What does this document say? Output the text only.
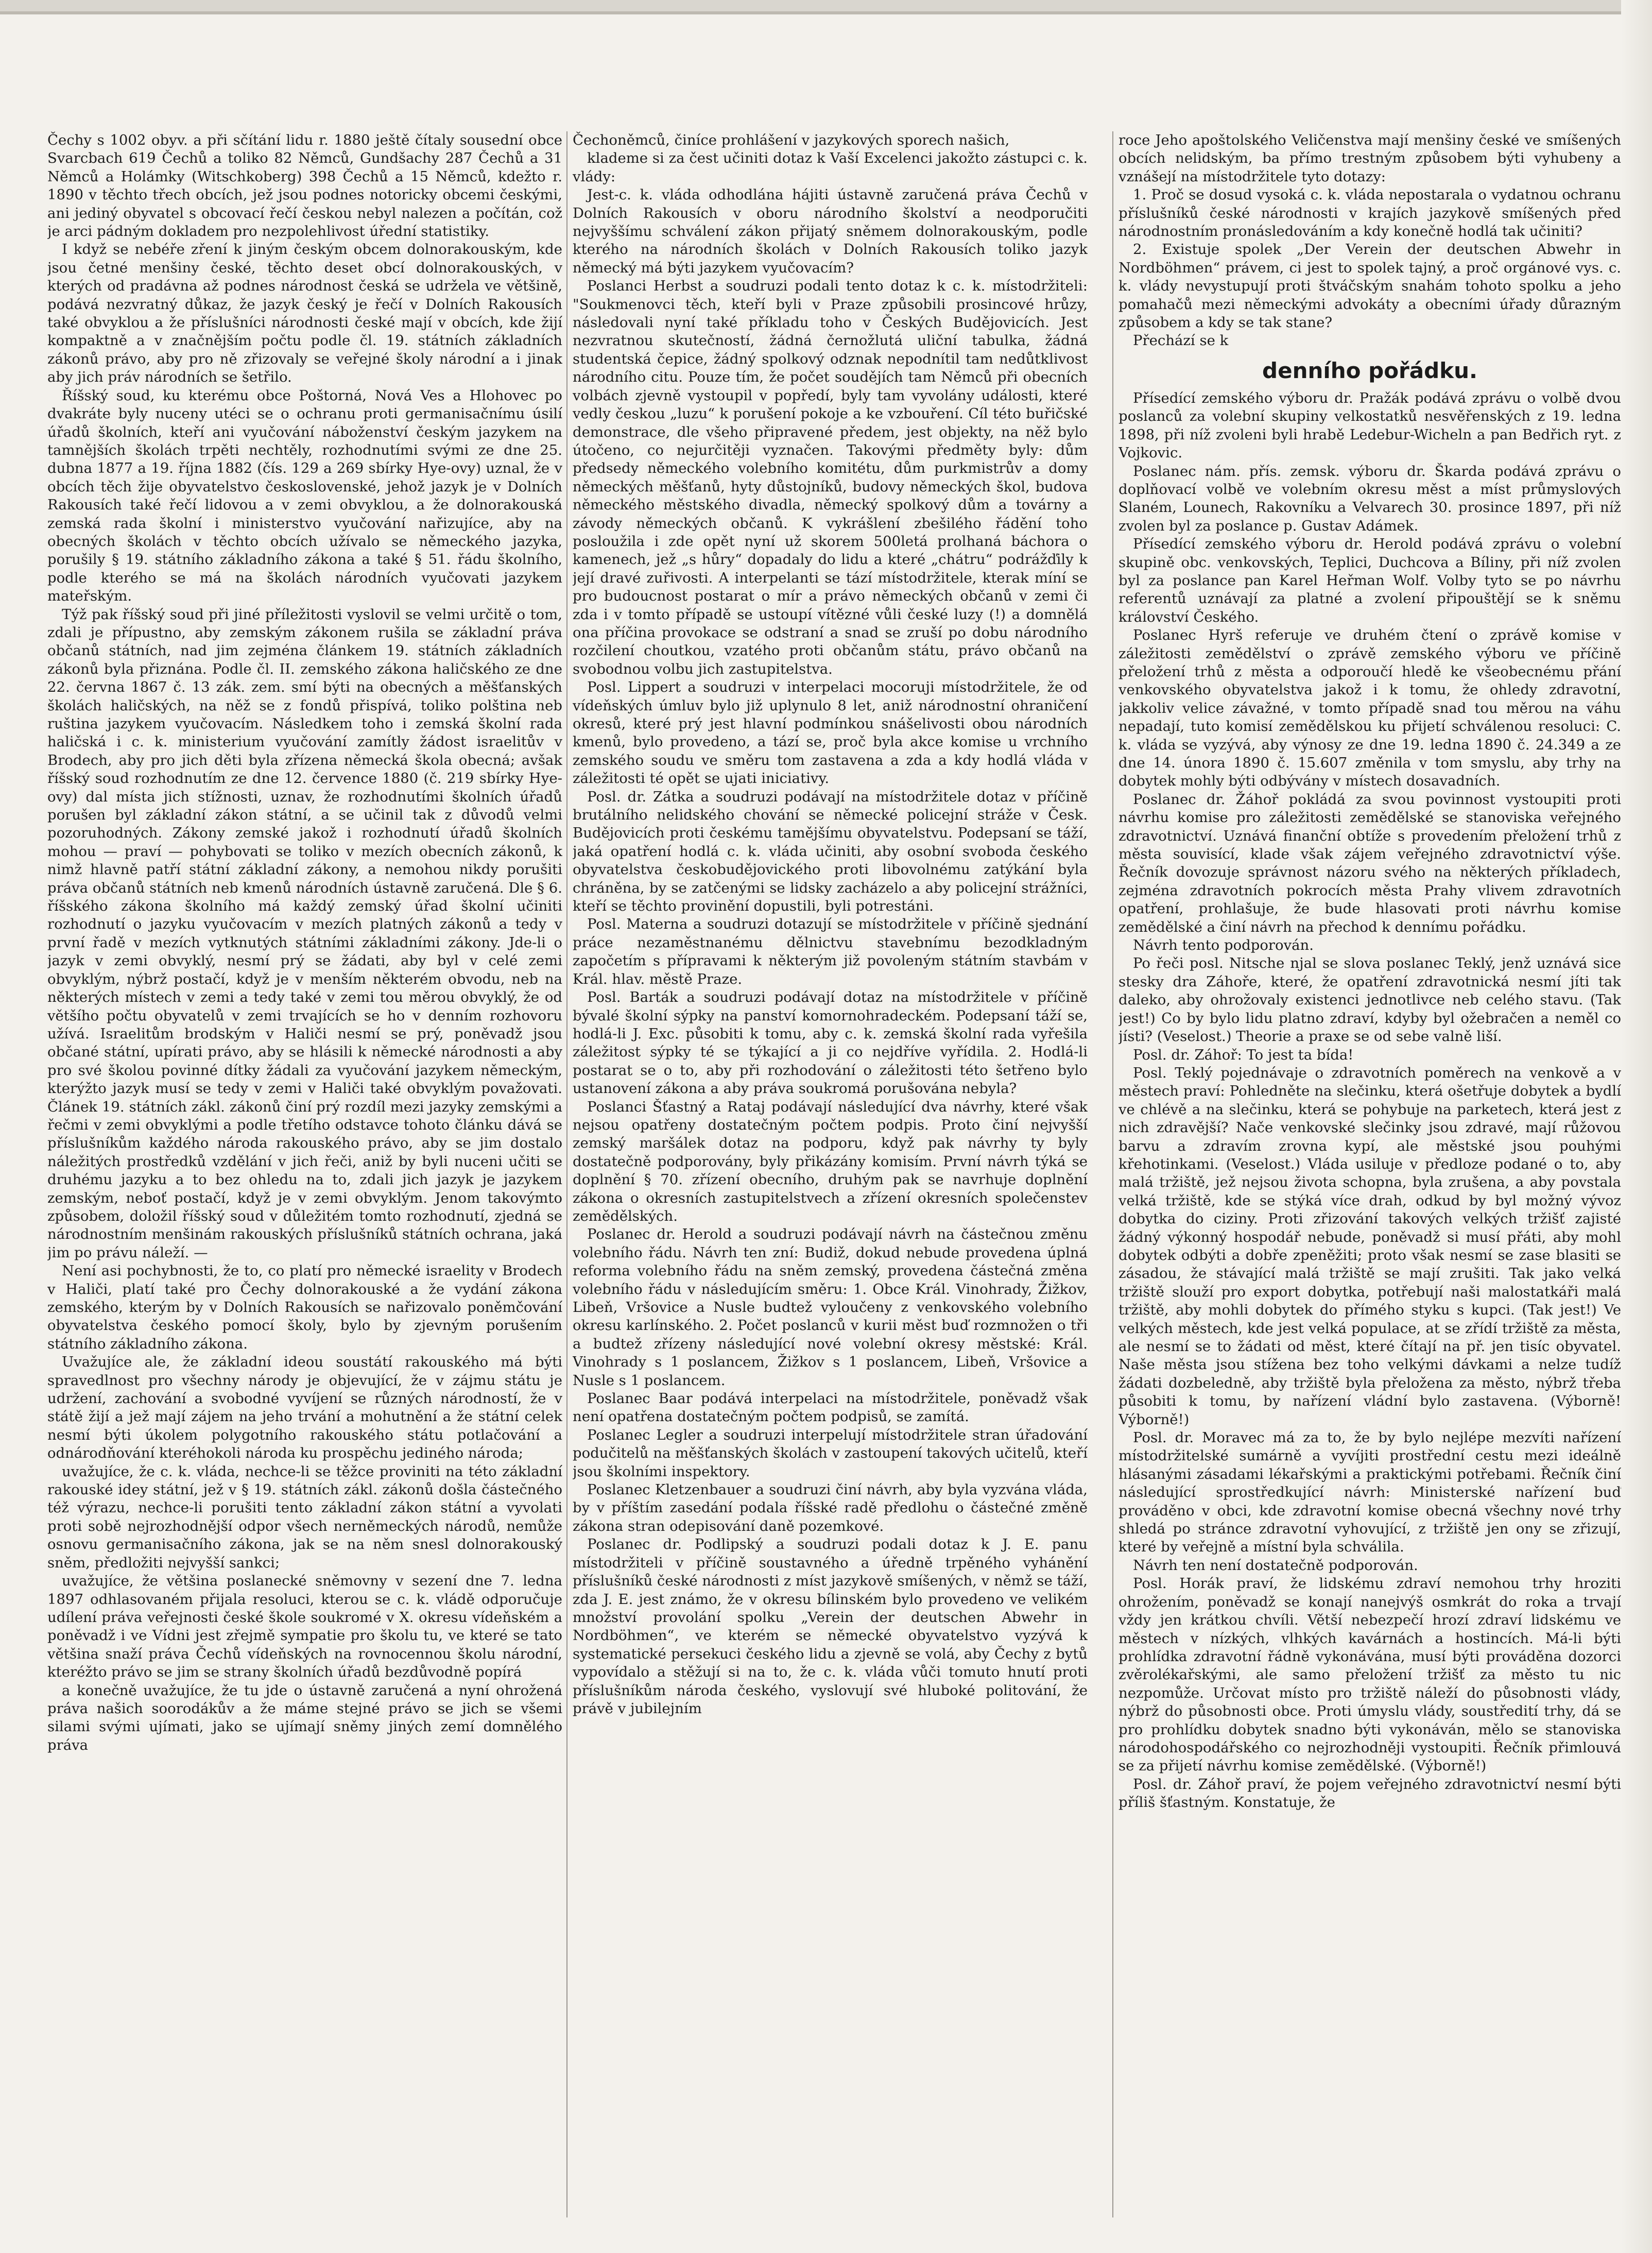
Čechy s 1002 obyv. a při sčítání lidu r. 1880 ještě čítaly sousední obce Svarcbach 619 Čechů a toliko 82 Němců, Gundšachy 287 Čechů a 31 Němců a Holámky (Witschkoberg) 398 Čechů a 15 Němců, kdežto r. 1890 v těchto třech obcích, jež jsou podnes notoricky obcemi českými, ani jediný obyvatel s obcovací řečí českou nebyl nalezen a počítán, což je arci pádným dokladem pro nezpolehlivost úřední statistiky.

I když se nebéře zření k jiným českým obcem dolnorakouským, kde jsou četné menšiny české, těchto deset obcí dolnorakouských, v kterých od pradávna až podnes národnost česká se udržela ve většině, podává nezvratný důkaz, že jazyk český je řečí v Dolních Rakousích také obvyklou a že příslušníci národnosti české mají v obcích, kde žijí kompaktně a v značnějším počtu podle čl. 19. státních základních zákonů právo, aby pro ně zřizovaly se veřejné školy národní a i jinak aby jich práv národních se šetřilo.

Říšský soud, ku kterému obce Poštorná, Nová Ves a Hlohovec po dvakráte byly nuceny utéci se o ochranu proti germanisačnímu úsilí úřadů školních, kteří ani vyučování náboženství českým jazykem na tamnějších školách trpěti nechtěly, rozhodnutími svými ze dne 25. dubna 1877 a 19. října 1882 (čís. 129 a 269 sbírky Hye-ovy) uznal, že v obcích těch žije obyvatelstvo československé, jehož jazyk je v Dolních Rakousích také řečí lidovou a v zemi obvyklou, a že dolnorakouská zemská rada školní i ministerstvo vyučování nařizujíce, aby na obecných školách v těchto obcích užívalo se německého jazyka, porušily § 19. státního základního zákona a také § 51. řádu školního, podle kterého se má na školách národních vyučovati jazykem mateřským.

Týž pak říšský soud při jiné příležitosti vyslovil se velmi určitě o tom, zdali je přípustno, aby zemským zákonem rušila se základní práva občanů státních, nad jim zejména článkem 19. státních základních zákonů byla přiznána. Podle čl. II. zemského zákona haličského ze dne 22. června 1867 č. 13 zák. zem. smí býti na obecných a měšťanských školách haličských, na něž se z fondů přispívá, toliko polština neb ruština jazykem vyučovacím. Následkem toho i zemská školní rada haličská i c. k. ministerium vyučování zamítly žádost israelitův v Brodech, aby pro jich děti byla zřízena německá škola obecná; avšak říšský soud rozhodnutím ze dne 12. července 1880 (č. 219 sbírky Hye-ovy) dal místa jich stížnosti, uznav, že rozhodnutími školních úřadů porušen byl základní zákon státní, a se učinil tak z důvodů velmi pozoruhodných. Zákony zemské jakož i rozhodnutí úřadů školních mohou — praví — pohybovati se toliko v mezích obecních zákonů, k nimž hlavně patří státní základní zákony, a nemohou nikdy porušiti práva občanů státních neb kmenů národních ústavně zaručená. Dle § 6. říšského zákona školního má každý zemský úřad školní učiniti rozhodnutí o jazyku vyučovacím v mezích platných zákonů a tedy v první řadě v mezích vytknutých státními základními zákony. Jde-li o jazyk v zemi obvyklý, nesmí prý se žádati, aby byl v celé zemi obvyklým, nýbrž postačí, když je v menším některém obvodu, neb na některých místech v zemi a tedy také v zemi tou měrou obvyklý, že od většího počtu obyvatelů v zemi trvajících se ho v denním rozhovoru užívá. Israelitům brodským v Haliči nesmí se prý, poněvadž jsou občané státní, upírati právo, aby se hlásili k německé národnosti a aby pro své školou povinné dítky žádali za vyučování jazykem německým, kterýžto jazyk musí se tedy v zemi v Haliči také obvyklým považovati. Článek 19. státních zákl. zákonů činí prý rozdíl mezi jazyky zemskými a řečmi v zemi obvyklými a podle třetího odstavce tohoto článku dává se příslušníkům každého národa rakouského právo, aby se jim dostalo náležitých prostředků vzdělání v jich řeči, aniž by byli nuceni učiti se druhému jazyku a to bez ohledu na to, zdali jich jazyk je jazykem zemským, neboť postačí, když je v zemi obvyklým. Jenom takovýmto způsobem, doložil říšský soud v důležitém tomto rozhodnutí, zjedná se národnostním menšinám rakouských příslušníků státních ochrana, jaká jim po právu náleží. —

Není asi pochybnosti, že to, co platí pro německé israelity v Brodech v Haliči, platí také pro Čechy dolnorakouské a že vydání zákona zemského, kterým by v Dolních Rakousích se nařizovalo poněmčování obyvatelstva českého pomocí školy, bylo by zjevným porušením státního základního zákona.

Uvažujíce ale, že základní ideou soustátí rakouského má býti spravedlnost pro všechny národy je objevující, že v zájmu státu je udržení, zachování a svobodné vyvíjení se různých národností, že v státě žijí a jež mají zájem na jeho trvání a mohutnění a že státní celek nesmí býti úkolem polygotního rakouského státu potlačování a odnárodňování kteréhokoli národa ku prospěchu jediného národa;

uvažujíce, že c. k. vláda, nechce-li se těžce proviniti na této základní rakouské idey státní, jež v § 19. státních zákl. zákonů došla částečného též výrazu, nechce-li porušiti tento základní zákon státní a vyvolati proti sobě nejrozhodnější odpor všech nerněmeckých národů, nemůže osnovu germanisačního zákona, jak se na něm snesl dolnorakouský sněm, předložiti nejvyšší sankci;

uvažujíce, že většina poslanecké sněmovny v sezení dne 7. ledna 1897 odhlasovaném přijala resoluci, kterou se c. k. vládě odporučuje udílení práva veřejnosti české škole soukromé v X. okresu vídeňském a poněvadž i ve Vídni jest zřejmě sympatie pro školu tu, ve které se tato většina snaží práva Čechů vídeňských na rovnocennou školu národní, kteréžto právo se jim se strany školních úřadů bezdůvodně popírá

a konečně uvažujíce, že tu jde o ústavně zaručená a nyní ohrožená práva našich soorodákův a že máme stejné právo se jich se všemi silami svými ujímati, jako se ujímají sněmy jiných zemí domnělého práva

Čechoněmců, činíce prohlášení v jazykových sporech našich,

klademe si za čest učiniti dotaz k Vaší Excelenci jakožto zástupci c. k. vlády:

Jest-c. k. vláda odhodlána hájiti ústavně zaručená práva Čechů v Dolních Rakousích v oboru národního školství a neodporučiti nejvyššímu schválení zákon přijatý sněmem dolnorakouským, podle kterého na národních školách v Dolních Rakousích toliko jazyk německý má býti jazykem vyučovacím?

Poslanci Herbst a soudruzi podali tento dotaz k c. k. místodržiteli: "Soukmenovci těch, kteří byli v Praze způsobili prosincové hrůzy, následovali nyní také příkladu toho v Českých Budějovicích. Jest nezvratnou skutečností, žádná černožlutá uliční tabulka, žádná studentská čepice, žádný spolkový odznak nepodnítil tam nedůtklivost národního citu. Pouze tím, že počet soudějích tam Němců při obecních volbách zjevně vystoupil v popředí, byly tam vyvolány události, které vedly českou „luzu“ k porušení pokoje a ke vzbouření. Cíl této buřičské demonstrace, dle všeho připravené předem, jest objekty, na něž bylo útočeno, co nejurčitěji vyznačen. Takovými předměty byly: dům předsedy německého volebního komitétu, dům purkmistrův a domy německých měšťanů, hyty důstojníků, budovy německých škol, budova německého městského divadla, německý spolkový dům a továrny a závody německých občanů. K vykrášlení zbešilého řádění toho posloužila i zde opět nyní už skorem 500letá prolhaná báchora o kamenech, jež „s hůry“ dopadaly do lidu a které „chátru“ podrážďily k její dravé zuřivosti. A interpelanti se tází místodržitele, kterak míní se pro budoucnost postarat o mír a právo německých občanů v zemi či zda i v tomto případě se ustoupí vítězné vůli české luzy (!) a domnělá ona příčina provokace se odstraní a snad se zruší po dobu národního rozčilení choutkou, vzatého proti občanům státu, právo občanů na svobodnou volbu jich zastupitelstva.

Posl. Lippert a soudruzi v interpelaci mocoruji místodržitele, že od vídeňských úmluv bylo již uplynulo 8 let, aniž národnostní ohraničení okresů, které prý jest hlavní podmínkou snášelivosti obou národních kmenů, bylo provedeno, a tází se, proč byla akce komise u vrchního zemského soudu ve směru tom zastavena a zda a kdy hodlá vláda v záležitosti té opět se ujati iniciativy.

Posl. dr. Zátka a soudruzi podávají na místodržitele dotaz v příčině brutálního nelidského chování se německé policejní stráže v Česk. Budějovicích proti českému tamějšímu obyvatelstvu. Podepsaní se táží, jaká opatření hodlá c. k. vláda učiniti, aby osobní svoboda českého obyvatelstva českobudějovického proti libovolnému zatýkání byla chráněna, by se zatčenými se lidsky zacházelo a aby policejní strážníci, kteří se těchto provinění dopustili, byli potrestáni.

Posl. Materna a soudruzi dotazují se místodržitele v příčině sjednání práce nezaměstnanému dělnictvu stavebnímu bezodkladným započetím s přípravami k některým již povoleným státním stavbám v Král. hlav. městě Praze.

Posl. Barták a soudruzi podávají dotaz na místodržitele v příčině bývalé školní sýpky na panství komornohradeckém. Podepsaní táží se, hodlá-li J. Exc. působiti k tomu, aby c. k. zemská školní rada vyřešila záležitost sýpky té se týkající a ji co nejdříve vyřídila. 2. Hodlá-li postarat se o to, aby při rozhodování o záležitosti této šetřeno bylo ustanovení zákona a aby práva soukromá porušována nebyla?

Poslanci Šťastný a Rataj podávají následující dva návrhy, které však nejsou opatřeny dostatečným počtem podpis. Proto činí nejvyšší zemský maršálek dotaz na podporu, když pak návrhy ty byly dostatečně podporovány, byly přikázány komisím. První návrh týká se doplnění § 70. zřízení obecního, druhým pak se navrhuje doplnění zákona o okresních zastupitelstvech a zřízení okresních společenstev zemědělských.

Poslanec dr. Herold a soudruzi podávají návrh na částečnou změnu volebního řádu. Návrh ten zní: Budiž, dokud nebude provedena úplná reforma volebního řádu na sněm zemský, provedena částečná změna volebního řádu v následujícím směru: 1. Obce Král. Vinohrady, Žižkov, Libeň, Vršovice a Nusle budtež vyloučeny z venkovského volebního okresu karlínského. 2. Počet poslanců v kurii měst buď rozmnožen o tři a budtež zřízeny následující nové volební okresy městské: Král. Vinohrady s 1 poslancem, Žižkov s 1 poslancem, Libeň, Vršovice a Nusle s 1 poslancem.

Poslanec Baar podává interpelaci na místodržitele, poněvadž však není opatřena dostatečným počtem podpisů, se zamítá.

Poslanec Legler a soudruzi interpelují místodržitele stran úřadování podučitelů na měšťanských školách v zastoupení takových učitelů, kteří jsou školními inspektory.

Poslanec Kletzenbauer a soudruzi činí návrh, aby byla vyzvána vláda, by v příštím zasedání podala říšské radě předlohu o částečné změně zákona stran odepisování daně pozemkové.

Poslanec dr. Podlipský a soudruzi podali dotaz k J. E. panu místodržiteli v příčině soustavného a úředně trpěného vyhánění příslušníků české národnosti z míst jazykově smíšených, v němž se táží, zda J. E. jest známo, že v okresu bílinském bylo provedeno ve velikém množství provolání spolku „Verein der deutschen Abwehr in Nordböhmen“, ve kterém se německé obyvatelstvo vyzývá k systematické persekuci českého lidu a zjevně se volá, aby Čechy z bytů vypovídalo a stěžují si na to, že c. k. vláda vůči tomuto hnutí proti příslušníkům národa českého, vyslovují své hluboké politování, že právě v jubilejním

roce Jeho apoštolského Veličenstva mají menšiny české ve smíšených obcích nelidským, ba přímo trestným způsobem býti vyhubeny a vznášejí na místodržitele tyto dotazy:

1. Proč se dosud vysoká c. k. vláda nepostarala o vydatnou ochranu příslušníků české národnosti v krajích jazykově smíšených před národnostním pronásledováním a kdy konečně hodlá tak učiniti?

2. Existuje spolek „Der Verein der deutschen Abwehr in Nordböhmen“ právem, ci jest to spolek tajný, a proč orgánové vys. c. k. vlády nevystupují proti štváčským snahám tohoto spolku a jeho pomahačů mezi německými advokáty a obecními úřady důrazným způsobem a kdy se tak stane?

Přechází se k

denního pořádku.

Přísedící zemského výboru dr. Pražák podává zprávu o volbě dvou poslanců za volební skupiny velkostatků nesvěřenských z 19. ledna 1898, při níž zvoleni byli hrabě Ledebur-Wicheln a pan Bedřich ryt. z Vojkovic.

Poslanec nám. přís. zemsk. výboru dr. Škarda podává zprávu o doplňovací volbě ve volebním okresu měst a míst průmyslových Slaném, Lounech, Rakovníku a Velvarech 30. prosince 1897, při níž zvolen byl za poslance p. Gustav Adámek.

Přísedící zemského výboru dr. Herold podává zprávu o volební skupině obc. venkovských, Teplici, Duchcova a Bíliny, při níž zvolen byl za poslance pan Karel Heřman Wolf. Volby tyto se po návrhu referentů uznávají za platné a zvolení připouštějí se k sněmu království Českého.

Poslanec Hyrš referuje ve druhém čtení o zprávě komise v záležitosti zemědělství o zprávě zemského výboru ve příčině přeložení trhů z města a odporoučí hledě ke všeobecnému přání venkovského obyvatelstva jakož i k tomu, že ohledy zdravotní, jakkoliv velice závažné, v tomto případě snad tou měrou na váhu nepadají, tuto komisí zemědělskou ku přijetí schválenou resoluci: C. k. vláda se vyzývá, aby výnosy ze dne 19. ledna 1890 č. 24.349 a ze dne 14. února 1890 č. 15.607 změnila v tom smyslu, aby trhy na dobytek mohly býti odbývány v místech dosavadních.

Poslanec dr. Žáhoř pokládá za svou povinnost vystoupiti proti návrhu komise pro záležitosti zemědělské se stanoviska veřejného zdravotnictví. Uznává finanční obtíže s provedením přeložení trhů z města souvisící, klade však zájem veřejného zdravotnictví výše. Řečník dovozuje správnost názoru svého na některých příkladech, zejména zdravotních pokrocích města Prahy vlivem zdravotních opatření, prohlašuje, že bude hlasovati proti návrhu komise zemědělské a činí návrh na přechod k dennímu pořádku.

Návrh tento podporován.

Po řeči posl. Nitsche njal se slova poslanec Teklý, jenž uznává sice stesky dra Záhoře, které, že opatření zdravotnická nesmí jíti tak daleko, aby ohrožovaly existenci jednotlivce neb celého stavu. (Tak jest!) Co by bylo lidu platno zdraví, kdyby byl ožebračen a neměl co jísti? (Veselost.) Theorie a praxe se od sebe valně liší.

Posl. dr. Záhoř: To jest ta bída!

Posl. Teklý pojednávaje o zdravotních poměrech na venkově a v městech praví: Pohledněte na slečinku, která ošetřuje dobytek a bydlí ve chlévě a na slečinku, která se pohybuje na parketech, která jest z nich zdravější? Nače venkovské slečinky jsou zdravé, mají růžovou barvu a zdravím zrovna kypí, ale městské jsou pouhými křehotinkami. (Veselost.) Vláda usiluje v předloze podané o to, aby malá tržiště, jež nejsou života schopna, byla zrušena, a aby povstala velká tržiště, kde se stýká více drah, odkud by byl možný vývoz dobytka do ciziny. Proti zřizování takových velkých tržišť zajisté žádný výkonný hospodář nebude, poněvadž si musí přáti, aby mohl dobytek odbýti a dobře zpeněžiti; proto však nesmí se zase blasiti se zásadou, že stávající malá tržiště se mají zrušiti. Tak jako velká tržiště slouží pro export dobytka, potřebují naši malostatkáři malá tržiště, aby mohli dobytek do přímého styku s kupci. (Tak jest!) Ve velkých městech, kde jest velká populace, at se zřídí tržiště za města, ale nesmí se to žádati od měst, které čítají na př. jen tisíc obyvatel. Naše města jsou stížena bez toho velkými dávkami a nelze tudíž žádati dozbeledně, aby tržiště byla přeložena za město, nýbrž třeba působiti k tomu, by nařízení vládní bylo zastavena. (Výborně! Výborně!)

Posl. dr. Moravec má za to, že by bylo nejlépe mezvíti nařízení místodržitelské sumárně a vyvíjiti prostřední cestu mezi ideálně hlásanými zásadami lékařskými a praktickými potřebami. Řečník činí následující sprostředkující návrh: Ministerské nařízení buď prováděno v obci, kde zdravotní komise obecná všechny nové trhy shledá po stránce zdravotní vyhovující, z tržiště jen ony se zřizují, které by veřejně a místní byla schválila.

Návrh ten není dostatečně podporován.

Posl. Horák praví, že lidskému zdraví nemohou trhy hroziti ohrožením, poněvadž se konají nanejvýš osmkrát do roka a trvají vždy jen krátkou chvíli. Větší nebezpečí hrozí zdraví lidskému ve městech v nízkých, vlhkých kavárnách a hostincích. Má-li býti prohlídka zdravotní řádně vykonávána, musí býti prováděna dozorci zvěrolékařskými, ale samo přeložení tržišť za město tu nic nezpomůže. Určovat místo pro tržiště náleží do působnosti vlády, nýbrž do působnosti obce. Proti úmyslu vlády, soustředití trhy, dá se pro prohlídku dobytek snadno býti vykonáván, mělo se stanoviska národohospodářského co nejrozhodněji vystoupiti. Řečník přimlouvá se za přijetí návrhu komise zemědělské. (Výborně!)

Posl. dr. Záhoř praví, že pojem veřejného zdravotnictví nesmí býti příliš šťastným. Konstatuje, že
